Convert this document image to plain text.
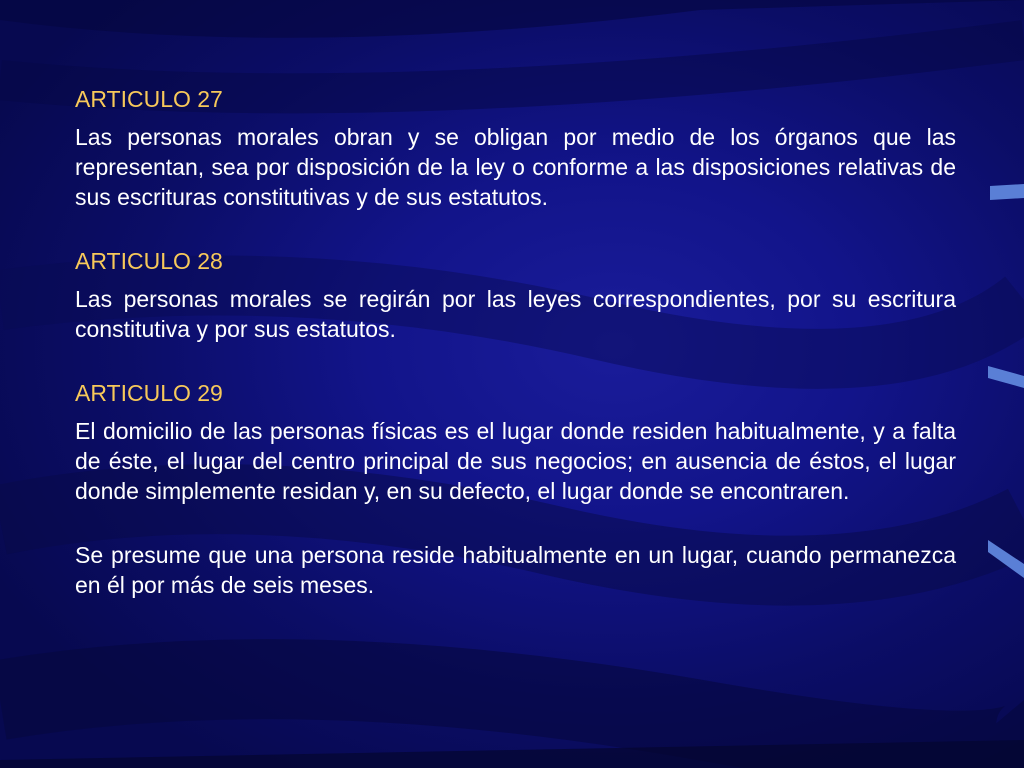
ARTICULO 27

Las personas morales obran y se obligan por medio de los órganos que las representan, sea por disposición de la ley o conforme a las disposiciones relativas de sus escrituras constitutivas y de sus estatutos.

ARTICULO 28

Las personas morales se regirán por las leyes correspondientes, por su escritura constitutiva y por sus estatutos.

ARTICULO 29

El domicilio de las personas físicas es el lugar donde residen habitualmente, y a falta de éste, el lugar del centro principal de sus negocios; en ausencia de éstos, el lugar donde simplemente residan y, en su defecto, el lugar donde se encontraren.

Se presume que una persona reside habitualmente en un lugar, cuando permanezca en él por más de seis meses.
